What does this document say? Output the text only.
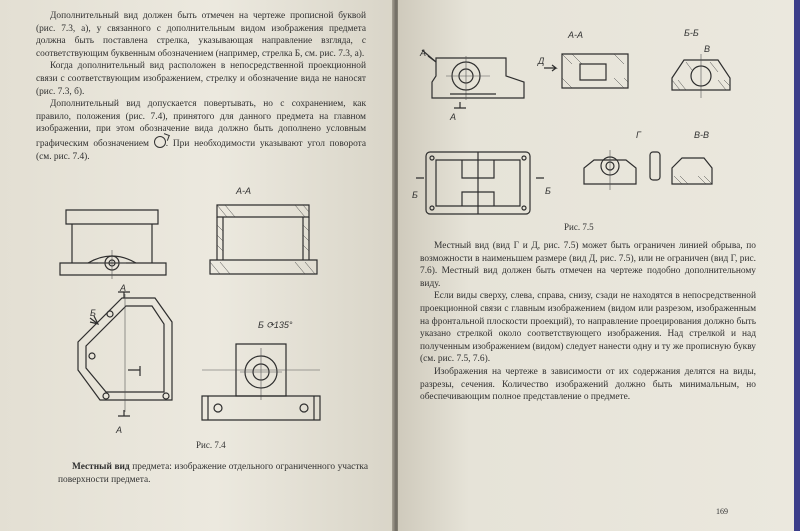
Дополнительный вид должен быть отмечен на чертеже прописной буквой (рис. 7.3, а), у связанного с дополнительным видом изображения предмета должна быть поставлена стрелка, указывающая направление взгляда, с соответствующим буквенным обозначением (например, стрелка Б, см. рис. 7.3, а).

Когда дополнительный вид расположен в непосредственной проекционной связи с соответствующим изображением, стрелку и обозначение вида не наносят (рис. 7.3, б).

Дополнительный вид допускается повертывать, но с сохранением, как правило, положения (рис. 7.4), принятого для данного предмета на главном изображении, при этом обозначение вида должно быть дополнено условным графическим обозначением . При необходимости указывают угол поворота (см. рис. 7.4).

А-А
А
Б
А
Б ⟳135°
Рис. 7.4

Местный вид предмета: изображение отдельного ограниченного участка поверхности предмета.

А
А
А-А
Д
Б-Б
В
Б	Б
Г	В-В
Рис. 7.5

Местный вид (вид Г и Д, рис. 7.5) может быть ограничен линией обрыва, по возможности в наименьшем размере (вид Д, рис. 7.5), или не ограничен (вид Г, рис. 7.6). Местный вид должен быть отмечен на чертеже подобно дополнительному виду.

Если виды сверху, слева, справа, снизу, сзади не находятся в непосредственной проекционной связи с главным изображением (видом или разрезом, изображенным на фронтальной плоскости проекций), то направление проецирования должно быть указано стрелкой около соответствующего изображения. Над стрелкой и над полученным изображением (видом) следует нанести одну и ту же прописную букву (см. рис. 7.5, 7.6).

Изображения на чертеже в зависимости от их содержания делятся на виды, разрезы, сечения. Количество изображений должно быть минимальным, но обеспечивающим полное представление о предмете.

169
